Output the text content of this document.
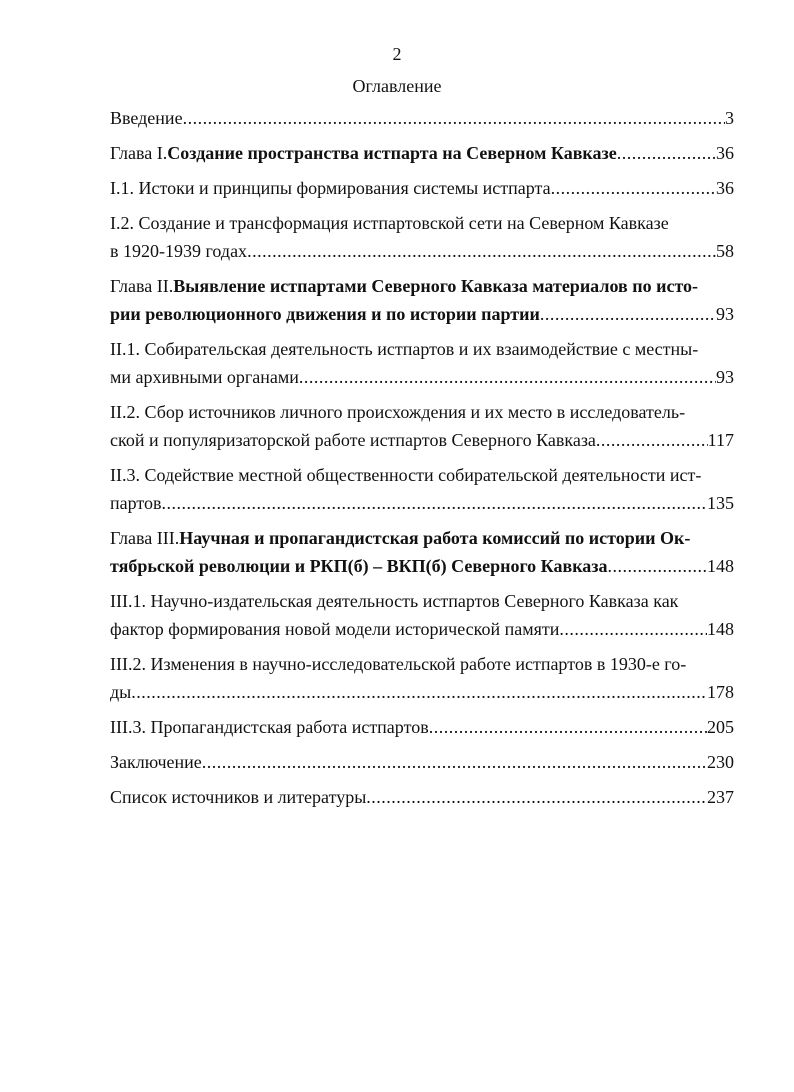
2
Оглавление
Введение .....	3
Глава I. Создание пространства истпарта на Северном Кавказе .....	36
I.1. Истоки и принципы формирования системы истпарта .....	36
I.2. Создание и трансформация истпартовской сети на Северном Кавказе
в 1920-1939 годах .....	58
Глава II. Выявление истпартами Северного Кавказа материалов по исто-
рии революционного движения и по истории партии .....	93
II.1. Собирательская деятельность истпартов и их взаимодействие с местны-
ми архивными органами .....	93
II.2. Сбор источников личного происхождения и их место в исследователь-
ской и популяризаторской работе истпартов Северного Кавказа .....	117
II.3. Содействие местной общественности собирательской деятельности ист-
партов .....	135
Глава III. Научная и пропагандистская работа комиссий по истории Ок-
тябрьской революции и РКП(б) – ВКП(б) Северного Кавказа .....	148
III.1. Научно-издательская деятельность истпартов Северного Кавказа как
фактор формирования новой модели исторической памяти .....	148
III.2. Изменения в научно-исследовательской работе истпартов в 1930-е го-
ды .....	178
III.3. Пропагандистская работа истпартов .....	205
Заключение .....	230
Список источников и литературы .....	237
